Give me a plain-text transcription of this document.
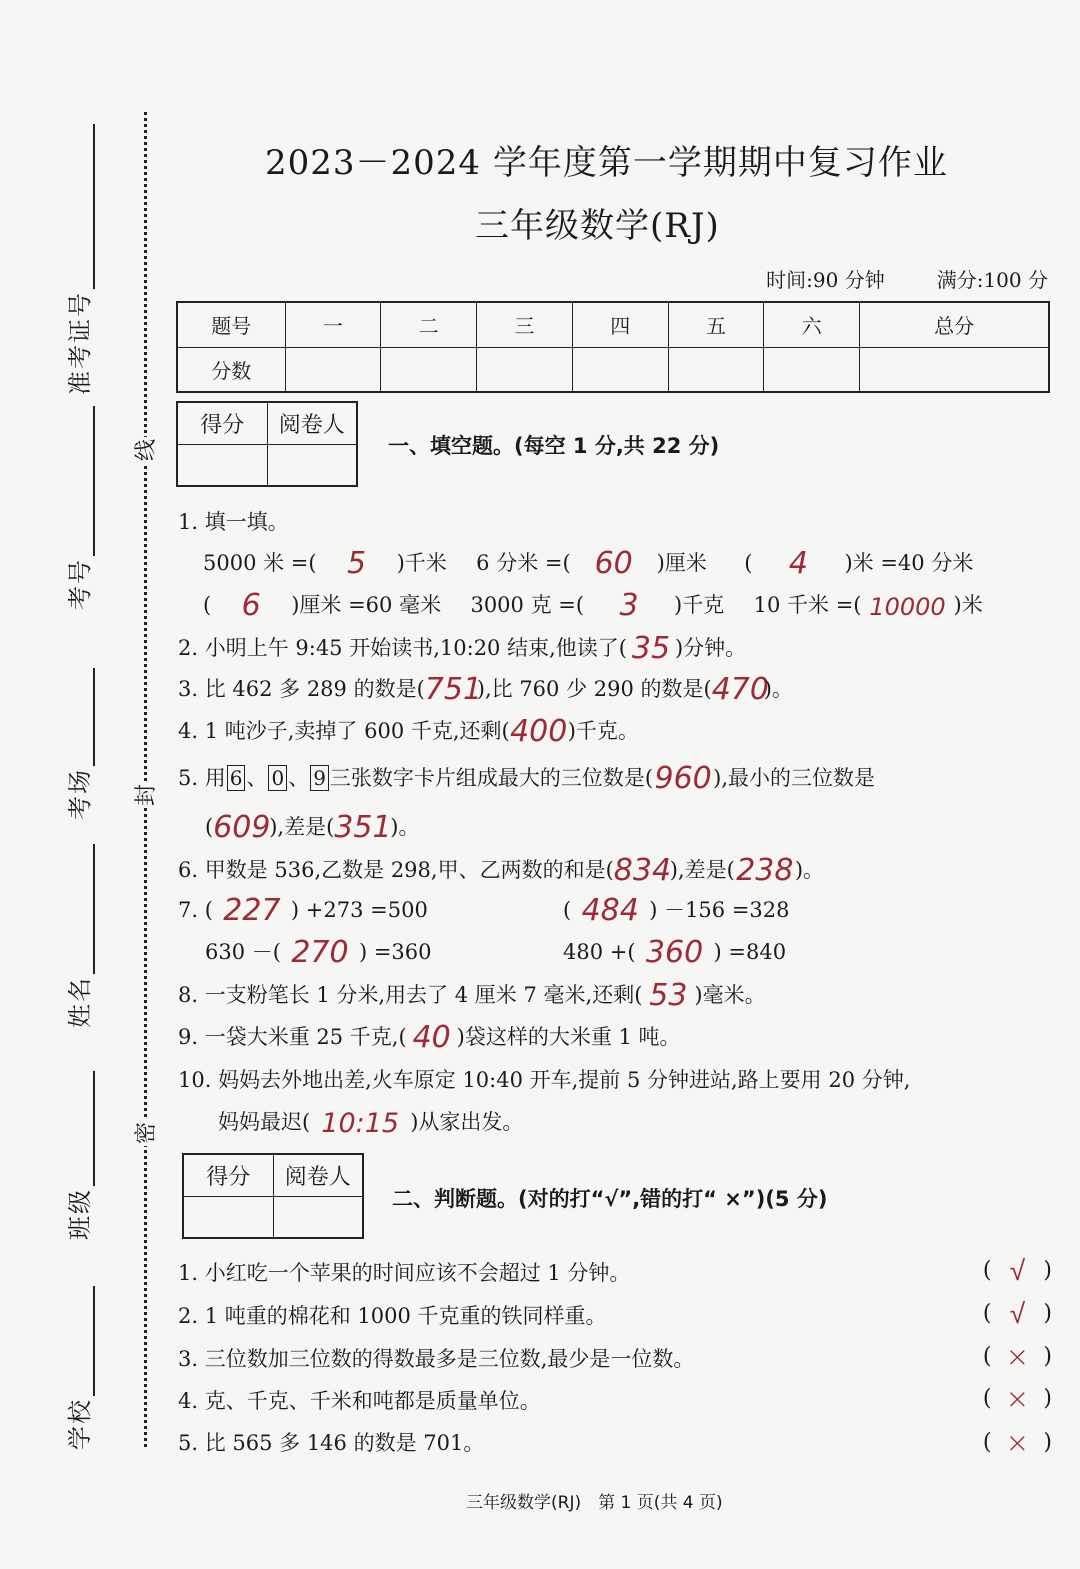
线
封
密
准考证号
考号
考场
姓名
班级
学校
2023－2024 学年度第一学期期中复习作业
三年级数学(RJ)
时间:90 分钟	满分:100 分
题号	一	二	三	四	五	六	总分
分数							
得分	阅卷人

一、填空题。(每空 1 分,共 22 分)
1. 填一填。
5000 米 =( 5 )千米 6 分米 =( 60 )厘米 ( 4 )米 =40 分米
( 6 )厘米 =60 毫米 3000 克 =( 3 )千克 10 千米 =( 10000 )米
2. 小明上午 9:45 开始读书,10:20 结束,他读了( 35 )分钟。
3. 比 462 多 289 的数是(751),比 760 少 290 的数是(470)。
4. 1 吨沙子,卖掉了 600 千克,还剩(400)千克。
5. 用 6 、 0 、 9 三张数字卡片组成最大的三位数是(960),最小的三位数是
(609),差是(351)。
6. 甲数是 536,乙数是 298,甲、乙两数的和是(834),差是(238)。
7. ( 227 ) +273 =500	( 484 ) －156 =328
630 －( 270 ) =360	480 +( 360 ) =840
8. 一支粉笔长 1 分米,用去了 4 厘米 7 毫米,还剩( 53 )毫米。
9. 一袋大米重 25 千克,( 40 )袋这样的大米重 1 吨。
10. 妈妈去外地出差,火车原定 10:40 开车,提前 5 分钟进站,路上要用 20 分钟,
妈妈最迟( 10:15 )从家出发。
得分	阅卷人

二、判断题。(对的打“√”,错的打“ ×”)(5 分)
1. 小红吃一个苹果的时间应该不会超过 1 分钟。	( √ )
2. 1 吨重的棉花和 1000 千克重的铁同样重。	( √ )
3. 三位数加三位数的得数最多是三位数,最少是一位数。	( × )
4. 克、千克、千米和吨都是质量单位。	( × )
5. 比 565 多 146 的数是 701。	( × )
三年级数学(RJ)　第 1 页(共 4 页)
